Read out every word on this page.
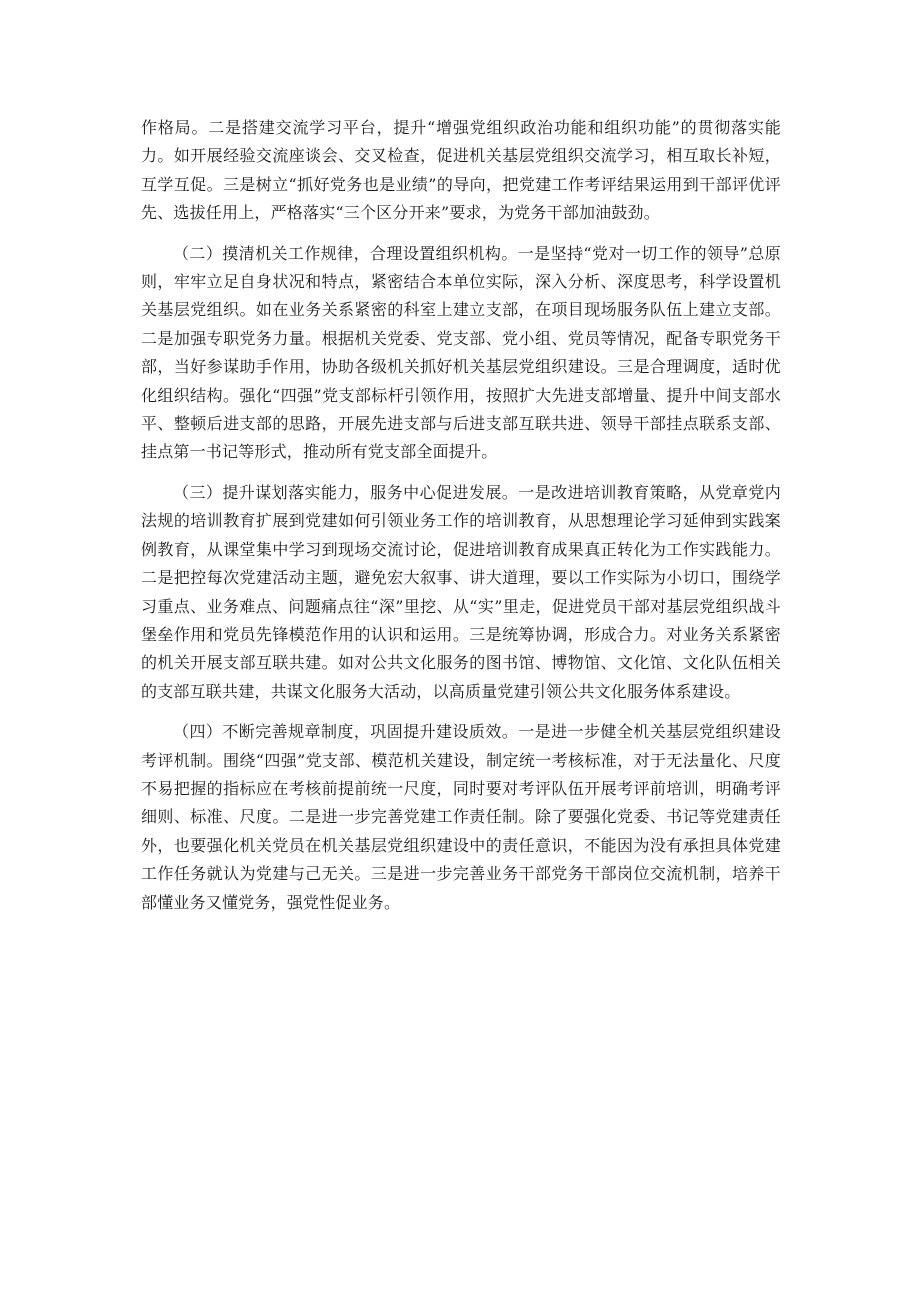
作格局。二是搭建交流学习平台，提升“增强党组织政治功能和组织功能”的贯彻落实能力。如开展经验交流座谈会、交叉检查，促进机关基层党组织交流学习，相互取长补短，互学互促。三是树立“抓好党务也是业绩”的导向，把党建工作考评结果运用到干部评优评先、选拔任用上，严格落实“三个区分开来”要求，为党务干部加油鼓劲。

（二）摸清机关工作规律，合理设置组织机构。一是坚持“党对一切工作的领导”总原则，牢牢立足自身状况和特点，紧密结合本单位实际，深入分析、深度思考，科学设置机关基层党组织。如在业务关系紧密的科室上建立支部，在项目现场服务队伍上建立支部。二是加强专职党务力量。根据机关党委、党支部、党小组、党员等情况，配备专职党务干部，当好参谋助手作用，协助各级机关抓好机关基层党组织建设。三是合理调度，适时优化组织结构。强化“四强”党支部标杆引领作用，按照扩大先进支部增量、提升中间支部水平、整顿后进支部的思路，开展先进支部与后进支部互联共进、领导干部挂点联系支部、挂点第一书记等形式，推动所有党支部全面提升。

（三）提升谋划落实能力，服务中心促进发展。一是改进培训教育策略，从党章党内法规的培训教育扩展到党建如何引领业务工作的培训教育，从思想理论学习延伸到实践案例教育，从课堂集中学习到现场交流讨论，促进培训教育成果真正转化为工作实践能力。二是把控每次党建活动主题，避免宏大叙事、讲大道理，要以工作实际为小切口，围绕学习重点、业务难点、问题痛点往“深”里挖、从“实”里走，促进党员干部对基层党组织战斗堡垒作用和党员先锋模范作用的认识和运用。三是统筹协调，形成合力。对业务关系紧密的机关开展支部互联共建。如对公共文化服务的图书馆、博物馆、文化馆、文化队伍相关的支部互联共建，共谋文化服务大活动，以高质量党建引领公共文化服务体系建设。

（四）不断完善规章制度，巩固提升建设质效。一是进一步健全机关基层党组织建设考评机制。围绕“四强”党支部、模范机关建设，制定统一考核标准，对于无法量化、尺度不易把握的指标应在考核前提前统一尺度，同时要对考评队伍开展考评前培训，明确考评细则、标准、尺度。二是进一步完善党建工作责任制。除了要强化党委、书记等党建责任外，也要强化机关党员在机关基层党组织建设中的责任意识，不能因为没有承担具体党建工作任务就认为党建与己无关。三是进一步完善业务干部党务干部岗位交流机制，培养干部懂业务又懂党务，强党性促业务。
